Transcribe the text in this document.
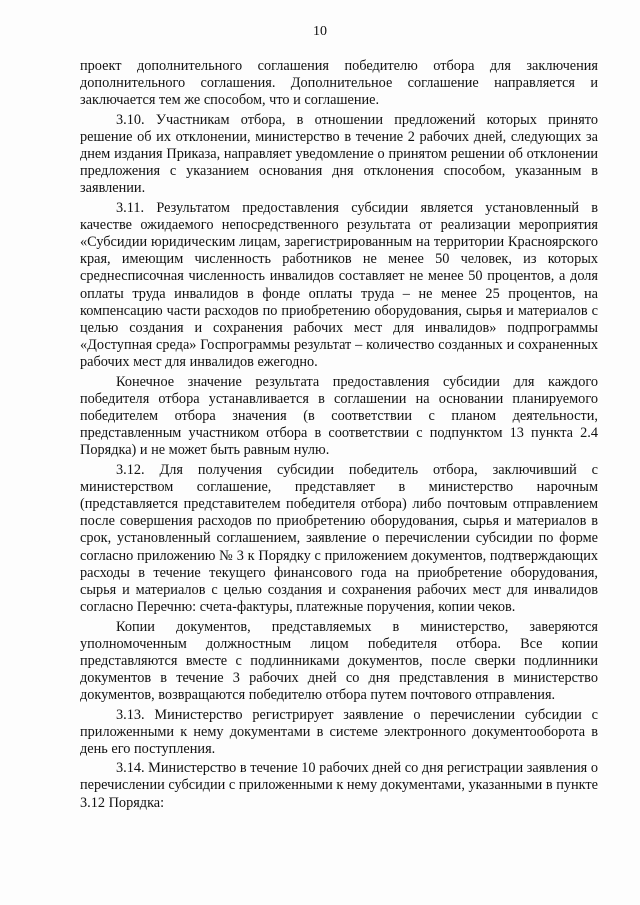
10

проект дополнительного соглашения победителю отбора для заключения дополнительного соглашения. Дополнительное соглашение направляется и заключается тем же способом, что и соглашение.

3.10. Участникам отбора, в отношении предложений которых принято решение об их отклонении, министерство в течение 2 рабочих дней, следующих за днем издания Приказа, направляет уведомление о принятом решении об отклонении предложения с указанием основания дня отклонения способом, указанным в заявлении.

3.11. Результатом предоставления субсидии является установленный в качестве ожидаемого непосредственного результата от реализации мероприятия «Субсидии юридическим лицам, зарегистрированным на территории Красноярского края, имеющим численность работников не менее 50 человек, из которых среднесписочная численность инвалидов составляет не менее 50 процентов, а доля оплаты труда инвалидов в фонде оплаты труда – не менее 25 процентов, на компенсацию части расходов по приобретению оборудования, сырья и материалов с целью создания и сохранения рабочих мест для инвалидов» подпрограммы «Доступная среда» Госпрограммы результат – количество созданных и сохраненных рабочих мест для инвалидов ежегодно.

Конечное значение результата предоставления субсидии для каждого победителя отбора устанавливается в соглашении на основании планируемого победителем отбора значения (в соответствии с планом деятельности, представленным участником отбора в соответствии с подпунктом 13 пункта 2.4 Порядка) и не может быть равным нулю.

3.12. Для получения субсидии победитель отбора, заключивший с министерством соглашение, представляет в министерство нарочным (представляется представителем победителя отбора) либо почтовым отправлением после совершения расходов по приобретению оборудования, сырья и материалов в срок, установленный соглашением, заявление о перечислении субсидии по форме согласно приложению № 3 к Порядку с приложением документов, подтверждающих расходы в течение текущего финансового года на приобретение оборудования, сырья и материалов с целью создания и сохранения рабочих мест для инвалидов согласно Перечню: счета-фактуры, платежные поручения, копии чеков.

Копии документов, представляемых в министерство, заверяются уполномоченным должностным лицом победителя отбора. Все копии представляются вместе с подлинниками документов, после сверки подлинники документов в течение 3 рабочих дней со дня представления в министерство документов, возвращаются победителю отбора путем почтового отправления.

3.13. Министерство регистрирует заявление о перечислении субсидии с приложенными к нему документами в системе электронного документооборота в день его поступления.

3.14. Министерство в течение 10 рабочих дней со дня регистрации заявления о перечислении субсидии с приложенными к нему документами, указанными в пункте 3.12 Порядка:
